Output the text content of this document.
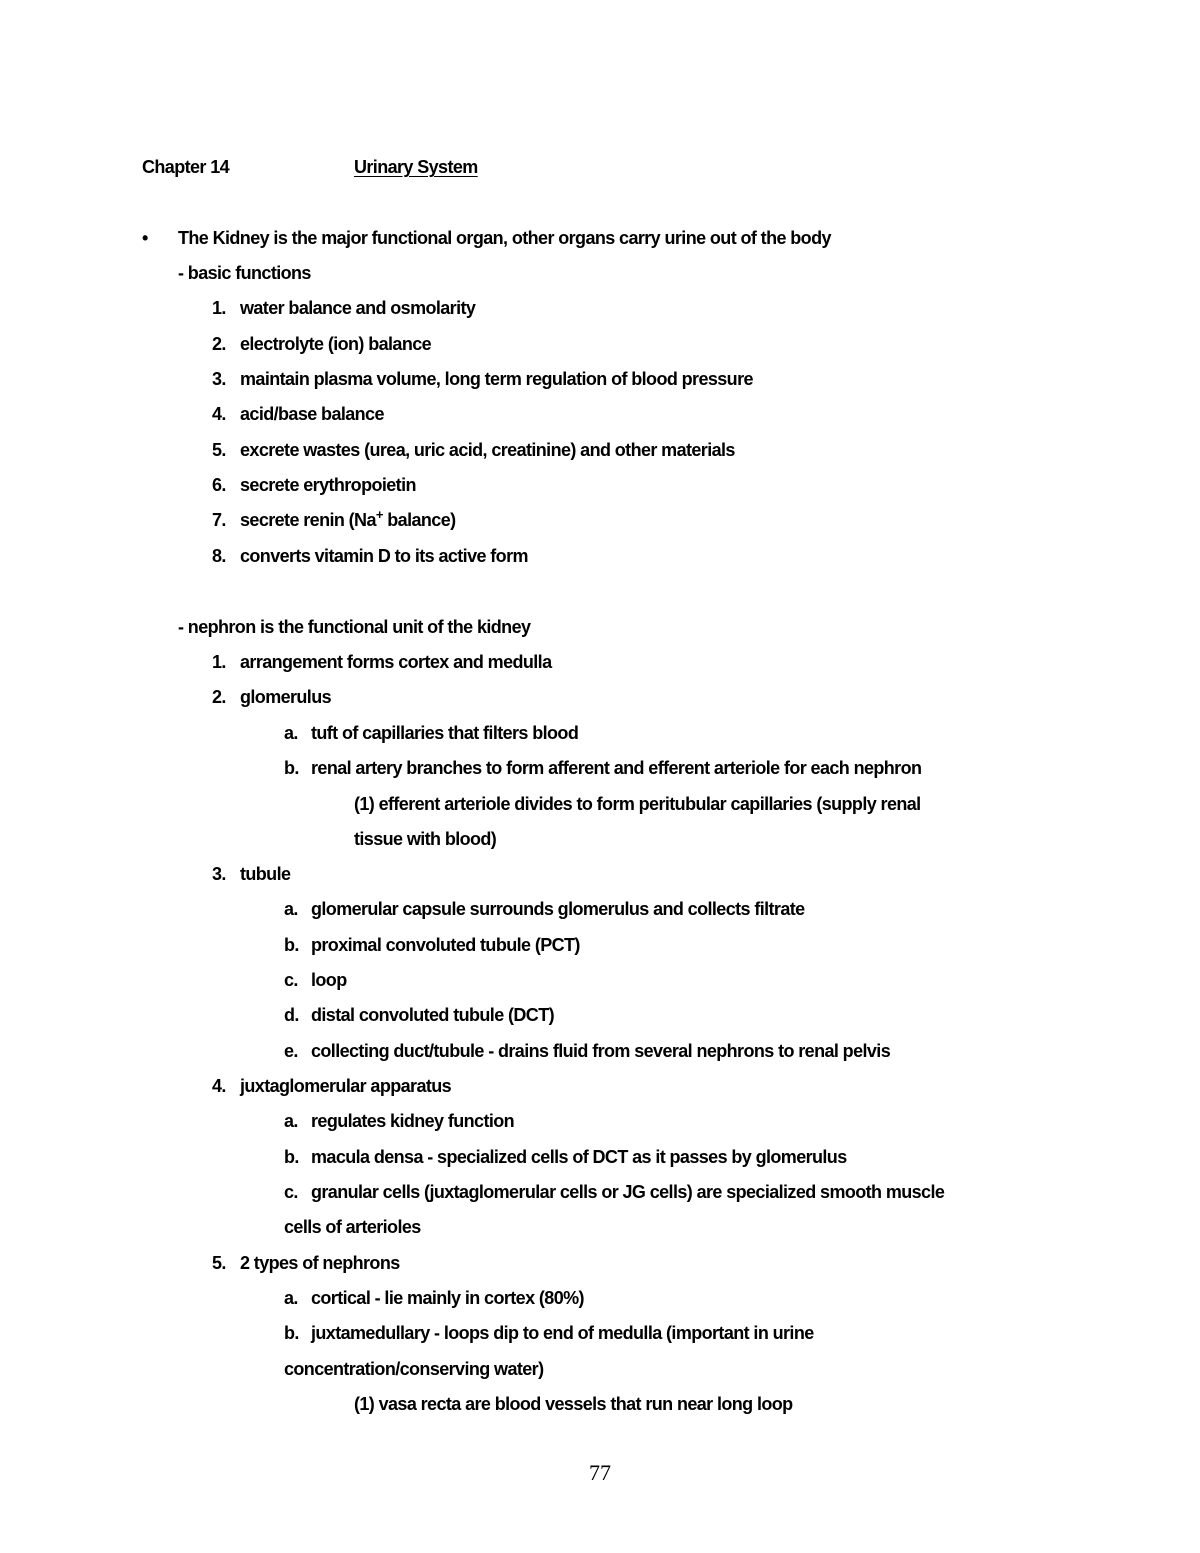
Chapter 14	Urinary System
• The Kidney is the major functional organ, other organs carry urine out of the body
- basic functions
1. water balance and osmolarity
2. electrolyte (ion) balance
3. maintain plasma volume, long term regulation of blood pressure
4. acid/base balance
5. excrete wastes (urea, uric acid, creatinine) and other materials
6. secrete erythropoietin
7. secrete renin (Na+ balance)
8. converts vitamin D to its active form
- nephron is the functional unit of the kidney
1. arrangement forms cortex and medulla
2. glomerulus
a. tuft of capillaries that filters blood
b. renal artery branches to form afferent and efferent arteriole for each nephron
(1) efferent arteriole divides to form peritubular capillaries (supply renal
tissue with blood)
3. tubule
a. glomerular capsule surrounds glomerulus and collects filtrate
b. proximal convoluted tubule (PCT)
c. loop
d. distal convoluted tubule (DCT)
e. collecting duct/tubule - drains fluid from several nephrons to renal pelvis
4. juxtaglomerular apparatus
a. regulates kidney function
b. macula densa - specialized cells of DCT as it passes by glomerulus
c. granular cells (juxtaglomerular cells or JG cells) are specialized smooth muscle
cells of arterioles
5. 2 types of nephrons
a. cortical - lie mainly in cortex (80%)
b. juxtamedullary - loops dip to end of medulla (important in urine
concentration/conserving water)
(1) vasa recta are blood vessels that run near long loop
77
